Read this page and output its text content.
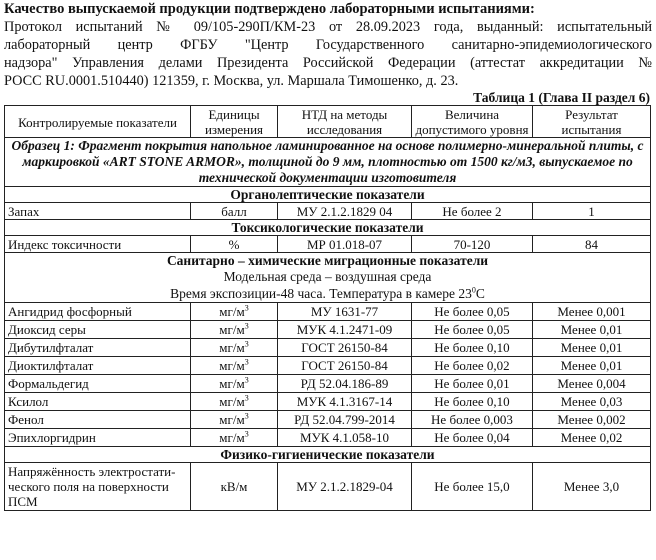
Качество выпускаемой продукции подтверждено лабораторными испытаниями:
Протокол испытаний № 09/105-290П/КМ-23 от 28.09.2023 года, выданный: испытательный
лабораторный центр ФГБУ "Центр Государственного санитарно-эпидемиологического
надзора" Управления делами Президента Российской Федерации (аттестат аккредитации №
РОСС RU.0001.510440) 121359, г. Москва, ул. Маршала Тимошенко, д. 23.
Таблица 1 (Глава II раздел 6)
Контролируемые показатели	Единицы измерения	НТД на методы исследования	Величина допустимого уровня	Результат испытания
Образец 1: Фрагмент покрытия напольное ламинированное на основе полимерно-минеральной плиты, с маркировкой «ART STONE ARMOR», толщиной до 9 мм, плотностью от 1500 кг/м3, выпускаемое по технической документации изготовителя				
Органолептические показатели				
Запах	балл	МУ 2.1.2.1829 04	Не более 2	1
Токсикологические показатели				
Индекс токсичности	%	МР 01.018-07	70-120	84

Санитарно – химические миграционные показатели
Модельная среда – воздушная среда
Время экспозиции-48 часа. Температура в камере $23^0С$				

Ангидрид фосфорный	$мг/м^3$	МУ 1631-77	Не более 0,05	Менее 0,001
Диоксид серы	$мг/м^3$	МУК 4.1.2471-09	Не более 0,05	Менее 0,01
Дибутилфталат	$мг/м^3$	ГОСТ 26150-84	Не более 0,10	Менее 0,01
Диоктилфталат	$мг/м^3$	ГОСТ 26150-84	Не более 0,02	Менее 0,01
Формальдегид	$мг/м^3$	РД 52.04.186-89	Не более 0,01	Менее 0,004
Ксилол	$мг/м^3$	МУК 4.1.3167-14	Не более 0,10	Менее 0,03
Фенол	$мг/м^3$	РД 52.04.799-2014	Не более 0,003	Менее 0,002
Эпихлоргидрин	$мг/м^3$	МУК 4.1.058-10	Не более 0,04	Менее 0,02
Физико-гигиенические показатели				
Напряжённость электростати-ческого поля на поверхности ПСМ	кВ/м	МУ 2.1.2.1829-04	Не более 15,0	Менее 3,0
